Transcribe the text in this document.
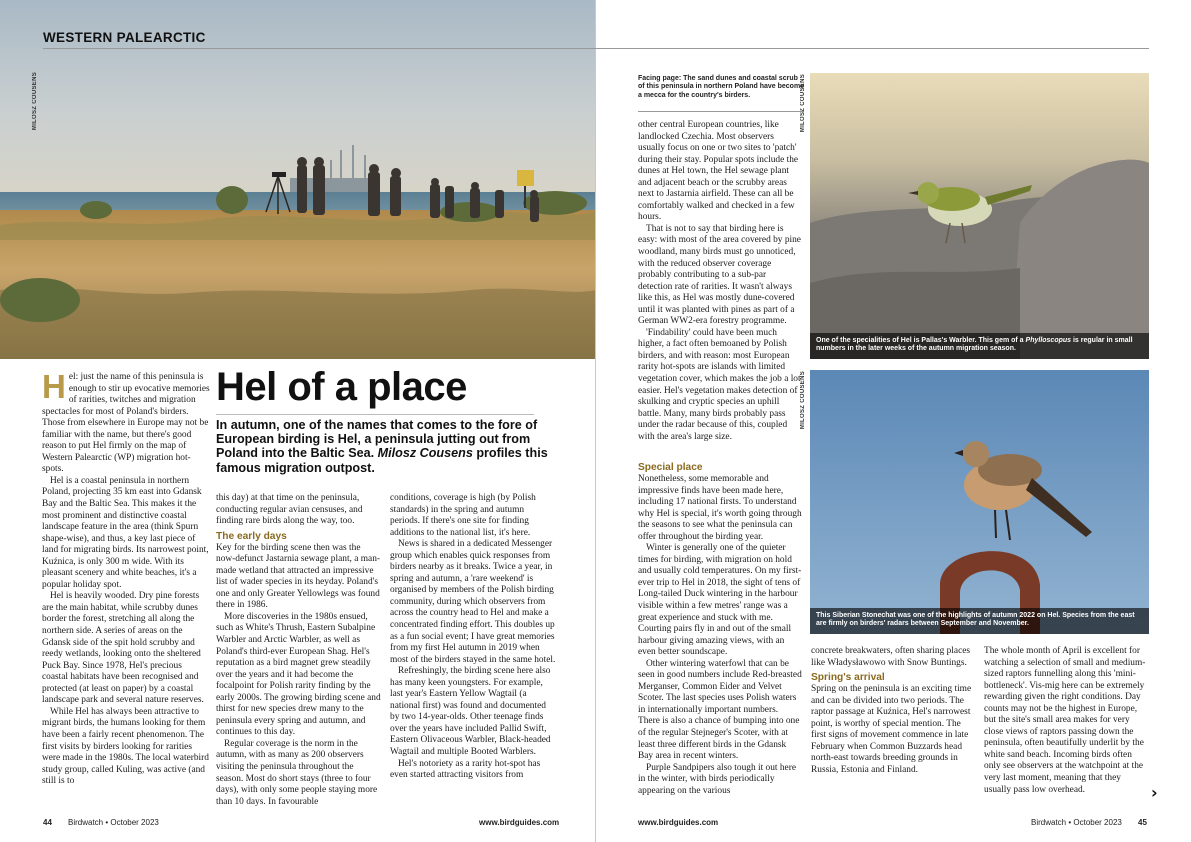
WESTERN PALEARCTIC
MILOSZ COUSENS
Hel of a place
In autumn, one of the names that comes to the fore of European birding is Hel, a peninsula jutting out from Poland into the Baltic Sea. Milosz Cousens profiles this famous migration outpost.

Hel: just the name of this peninsula is enough to stir up evocative memories of rarities, twitches and migration spectacles for most of Poland's birders. Those from elsewhere in Europe may not be familiar with the name, but there's good reason to put Hel firmly on the map of Western Palearctic (WP) migration hot-spots.

Hel is a coastal peninsula in northern Poland, projecting 35 km east into Gdansk Bay and the Baltic Sea. This makes it the most prominent and distinctive coastal landscape feature in the area (think Spurn shape-wise), and thus, a key last piece of land for migrating birds. Its narrowest point, Kuźnica, is only 300 m wide. With its pleasant scenery and white beaches, it's a popular holiday spot.

Hel is heavily wooded. Dry pine forests are the main habitat, while scrubby dunes border the forest, stretching all along the northern side. A series of areas on the Gdansk side of the spit hold scrubby and reedy wetlands, looking onto the sheltered Puck Bay. Since 1978, Hel's precious coastal habitats have been recognised and protected (at least on paper) by a coastal landscape park and several nature reserves.

While Hel has always been attractive to migrant birds, the humans looking for them have been a fairly recent phenomenon. The first visits by birders looking for rarities were made in the 1980s. The local waterbird study group, called Kuling, was active (and still is to

this day) at that time on the peninsula, conducting regular avian censuses, and finding rare birds along the way, too.

The early days

Key for the birding scene then was the now-defunct Jastarnia sewage plant, a man-made wetland that attracted an impressive list of wader species in its heyday. Poland's one and only Greater Yellowlegs was found there in 1986.

More discoveries in the 1980s ensued, such as White's Thrush, Eastern Subalpine Warbler and Arctic Warbler, as well as Poland's third-ever European Shag. Hel's reputation as a bird magnet grew steadily over the years and it had become the focalpoint for Polish rarity finding by the early 2000s. The growing birding scene and thirst for new species drew many to the peninsula every spring and autumn, and continues to this day.

Regular coverage is the norm in the autumn, with as many as 200 observers visiting the peninsula throughout the season. Most do short stays (three to four days), with only some people staying more than 10 days. In favourable

conditions, coverage is high (by Polish standards) in the spring and autumn periods. If there's one site for finding additions to the national list, it's here.

News is shared in a dedicated Messenger group which enables quick responses from birders nearby as it breaks. Twice a year, in spring and autumn, a 'rare weekend' is organised by members of the Polish birding community, during which observers from across the country head to Hel and make a concentrated finding effort. This doubles up as a fun social event; I have great memories from my first Hel autumn in 2019 when most of the birders stayed in the same hotel.

Refreshingly, the birding scene here also has many keen youngsters. For example, last year's Eastern Yellow Wagtail (a national first) was found and documented by two 14-year-olds. Other teenage finds over the years have included Pallid Swift, Eastern Olivaceous Warbler, Black-headed Wagtail and multiple Booted Warblers.

Hel's notoriety as a rarity hot-spot has even started attracting visitors from

Facing page: The sand dunes and coastal scrub of this peninsula in northern Poland have become a mecca for the country's birders.

other central European countries, like landlocked Czechia. Most observers usually focus on one or two sites to 'patch' during their stay. Popular spots include the dunes at Hel town, the Hel sewage plant and adjacent beach or the scrubby areas next to Jastarnia airfield. These can all be comfortably walked and checked in a few hours.

That is not to say that birding here is easy: with most of the area covered by pine woodland, many birds must go unnoticed, with the reduced observer coverage probably contributing to a sub-par detection rate of rarities. It wasn't always like this, as Hel was mostly dune-covered until it was planted with pines as part of a German WW2-era forestry programme.

'Findability' could have been much higher, a fact often bemoaned by Polish birders, and with reason: most European rarity hot-spots are islands with limited vegetation cover, which makes the job a lot easier. Hel's vegetation makes detection of skulking and cryptic species an uphill battle. Many, many birds probably pass under the radar because of this, coupled with the area's large size.

Special place

Nonetheless, some memorable and impressive finds have been made here, including 17 national firsts. To understand why Hel is special, it's worth going through the seasons to see what the peninsula can offer throughout the birding year.

Winter is generally one of the quieter times for birding, with migration on hold and usually cold temperatures. On my first-ever trip to Hel in 2018, the sight of tens of Long-tailed Duck wintering in the harbour visible within a few metres' range was a great experience and stuck with me. Courting pairs fly in and out of the small harbour giving amazing views, with an even better soundscape.

Other wintering waterfowl that can be seen in good numbers include Red-breasted Merganser, Common Eider and Velvet Scoter. The last species uses Polish waters in internationally important numbers. There is also a chance of bumping into one of the regular Stejneger's Scoter, with at least three different birds in the Gdansk Bay area in recent winters.

Purple Sandpipers also tough it out here in the winter, with birds periodically appearing on the various

concrete breakwaters, often sharing places like Władysławowo with Snow Buntings.

Spring's arrival

Spring on the peninsula is an exciting time and can be divided into two periods. The raptor passage at Kuźnica, Hel's narrowest point, is worthy of special mention. The first signs of movement commence in late February when Common Buzzards head north-east towards breeding grounds in Russia, Estonia and Finland.

The whole month of April is excellent for watching a selection of small and medium-sized raptors funnelling along this 'mini-bottleneck'. Vis-mig here can be extremely rewarding given the right conditions. Day counts may not be the highest in Europe, but the site's small area makes for very close views of raptors passing down the peninsula, often beautifully underlit by the white sand beach. Incoming birds often only see observers at the watchpoint at the very last moment, meaning that they usually pass low overhead.

One of the specialities of Hel is Pallas's Warbler. This gem of a Phylloscopus is regular in small numbers in the later weeks of the autumn migration season.
MILOSZ COUSENS
This Siberian Stonechat was one of the highlights of autumn 2022 on Hel. Species from the east are firmly on birders' radars between September and November.
MILOSZ COUSENS
44 Birdwatch • October 2023	www.birdguides.com	www.birdguides.com	Birdwatch • October 2023 45
›
